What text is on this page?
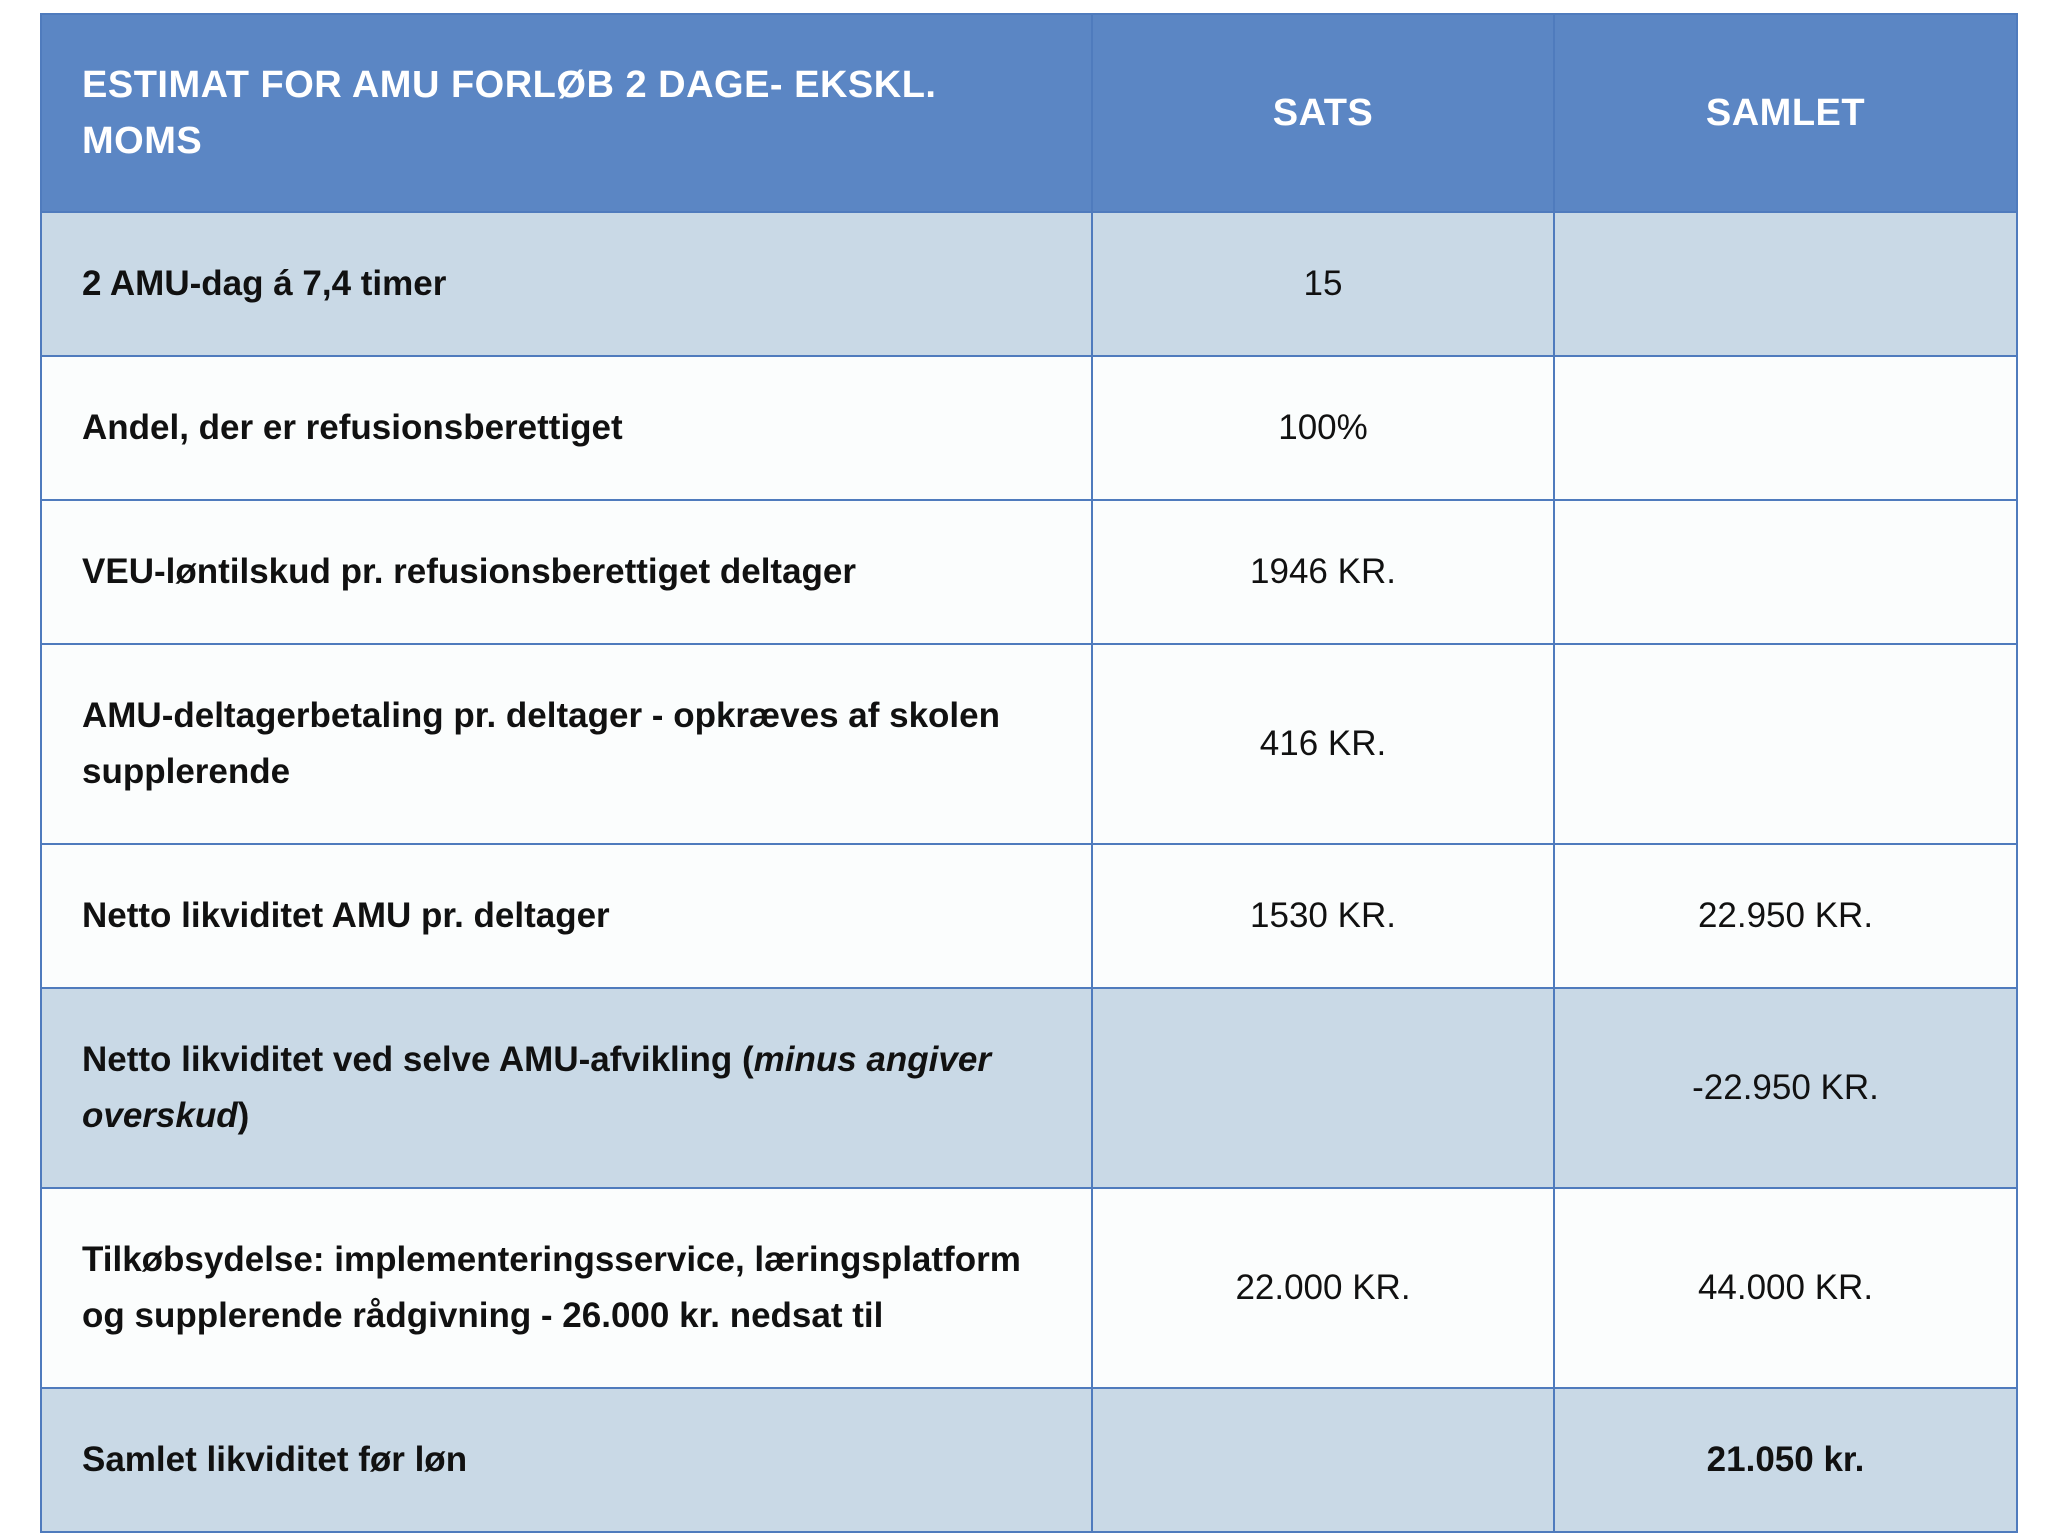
ESTIMAT FOR AMU FORLØB 2 DAGE- EKSKL. MOMS	SATS	SAMLET
2 AMU-dag á 7,4 timer	15	
Andel, der er refusionsberettiget	100%	
VEU-løntilskud pr. refusionsberettiget deltager	1946 KR.	
AMU-deltagerbetaling pr. deltager - opkræves af skolen supplerende	416 KR.	
Netto likviditet AMU pr. deltager	1530 KR.	22.950 KR.
Netto likviditet ved selve AMU-afvikling (minus angiver overskud)		-22.950 KR.
Tilkøbsydelse: implementeringsservice, læringsplatform og supplerende rådgivning - 26.000 kr. nedsat til	22.000 KR.	44.000 KR.
Samlet likviditet før løn		21.050 kr.
